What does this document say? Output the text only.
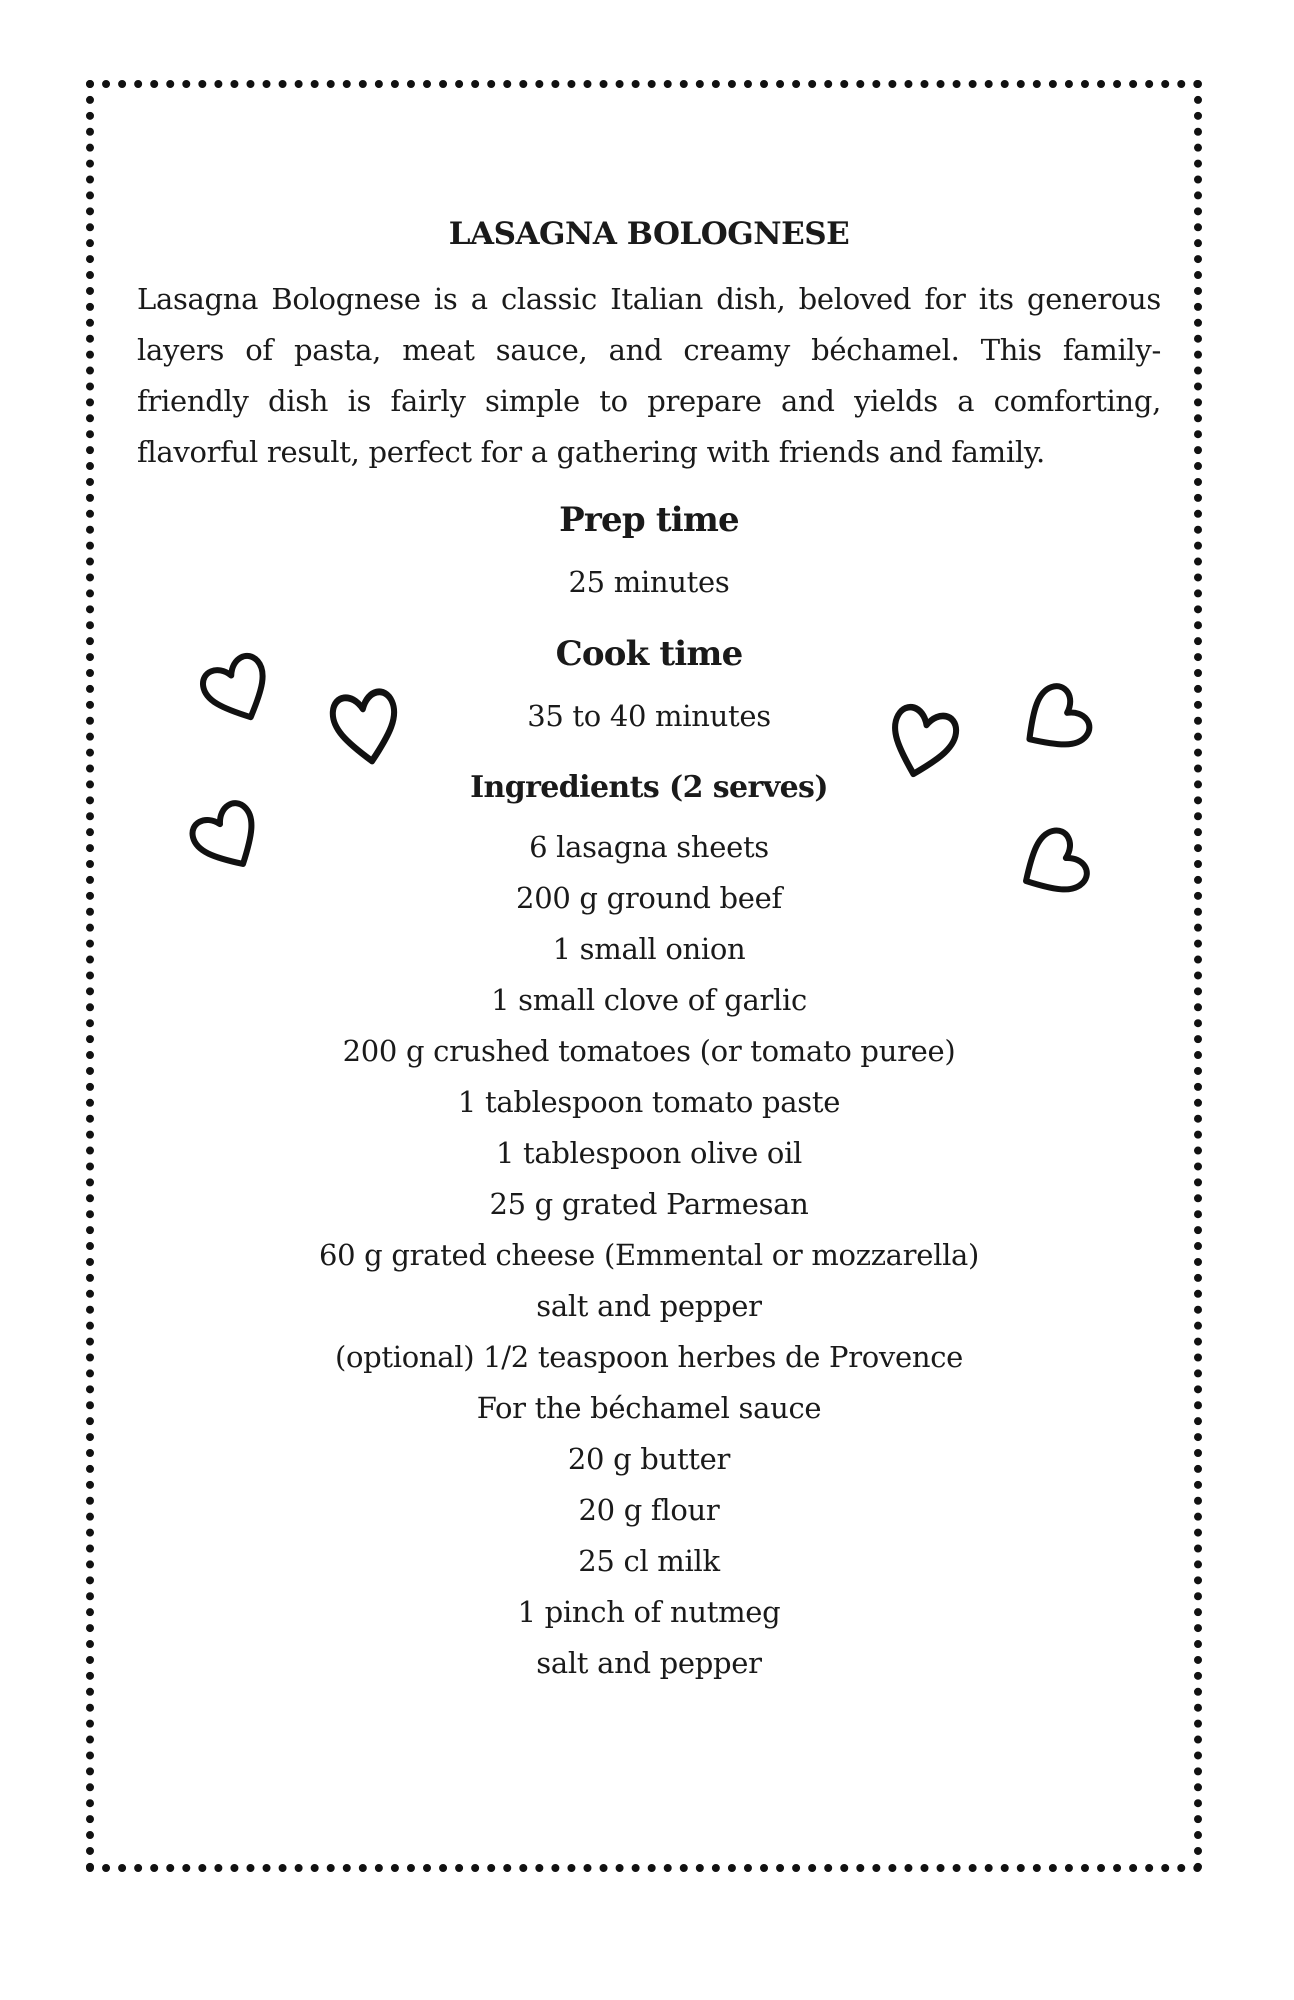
LASAGNA BOLOGNESE

Lasagna Bolognese is a classic Italian dish, beloved for its generous layers of pasta, meat sauce, and creamy béchamel. This family-friendly dish is fairly simple to prepare and yields a comforting, flavorful result, perfect for a gathering with friends and family.

Prep time
25 minutes
Cook time
35 to 40 minutes
Ingredients (2 serves)
6 lasagna sheets
200 g ground beef
1 small onion
1 small clove of garlic
200 g crushed tomatoes (or tomato puree)
1 tablespoon tomato paste
1 tablespoon olive oil
25 g grated Parmesan
60 g grated cheese (Emmental or mozzarella)
salt and pepper
(optional) 1/2 teaspoon herbes de Provence
For the béchamel sauce
20 g butter
20 g flour
25 cl milk
1 pinch of nutmeg
salt and pepper
